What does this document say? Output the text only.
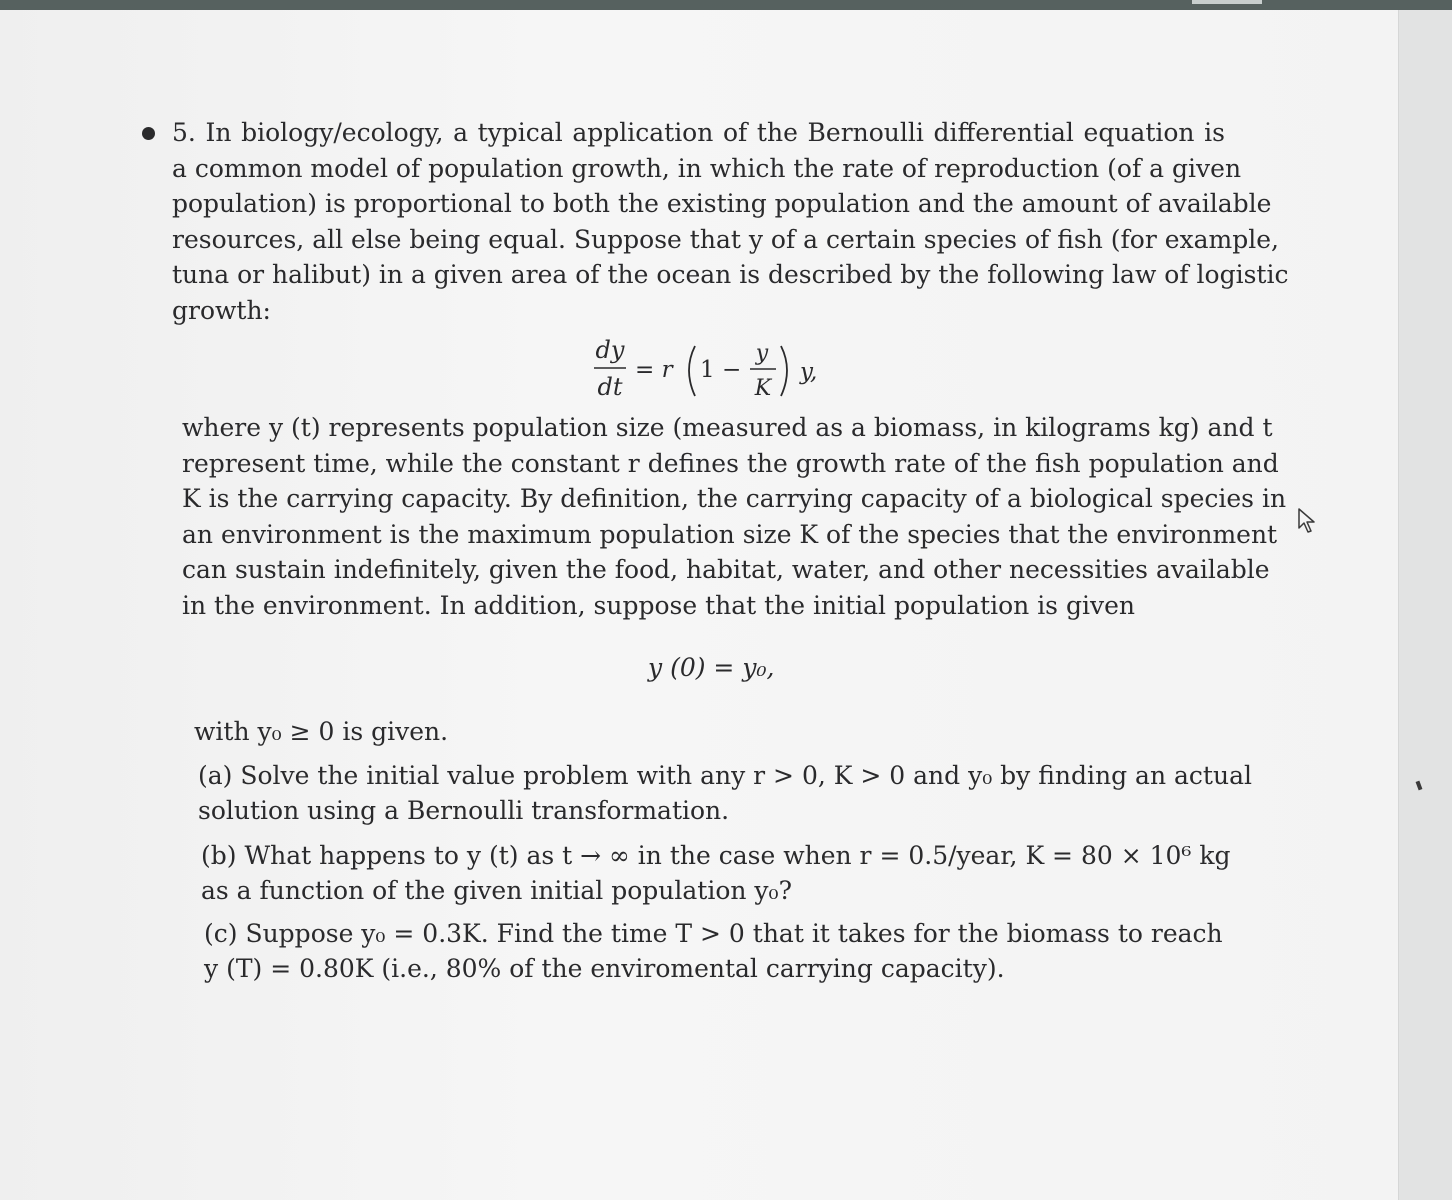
5. In biology/ecology, a typical application of the Bernoulli differential equation is
a common model of population growth, in which the rate of reproduction (of a given
population) is proportional to both the existing population and the amount of available
resources, all else being equal. Suppose that y of a certain species of fish (for example,
tuna or halibut) in a given area of the ocean is described by the following law of logistic
growth:
dy
dt
= r 1 −
y
K
y,
where y (t) represents population size (measured as a biomass, in kilograms kg) and t
represent time, while the constant r defines the growth rate of the fish population and
K is the carrying capacity. By definition, the carrying capacity of a biological species in
an environment is the maximum population size K of the species that the environment
can sustain indefinitely, given the food, habitat, water, and other necessities available
in the environment. In addition, suppose that the initial population is given
y (0) = y₀,
with y₀ ≥ 0 is given.
(a) Solve the initial value problem with any r > 0, K > 0 and y₀ by finding an actual
solution using a Bernoulli transformation.
(b) What happens to y (t) as t → ∞ in the case when r = 0.5/year, K = 80 × 10⁶ kg
as a function of the given initial population y₀?
(c) Suppose y₀ = 0.3K. Find the time T > 0 that it takes for the biomass to reach
y (T) = 0.80K (i.e., 80% of the enviromental carrying capacity).
